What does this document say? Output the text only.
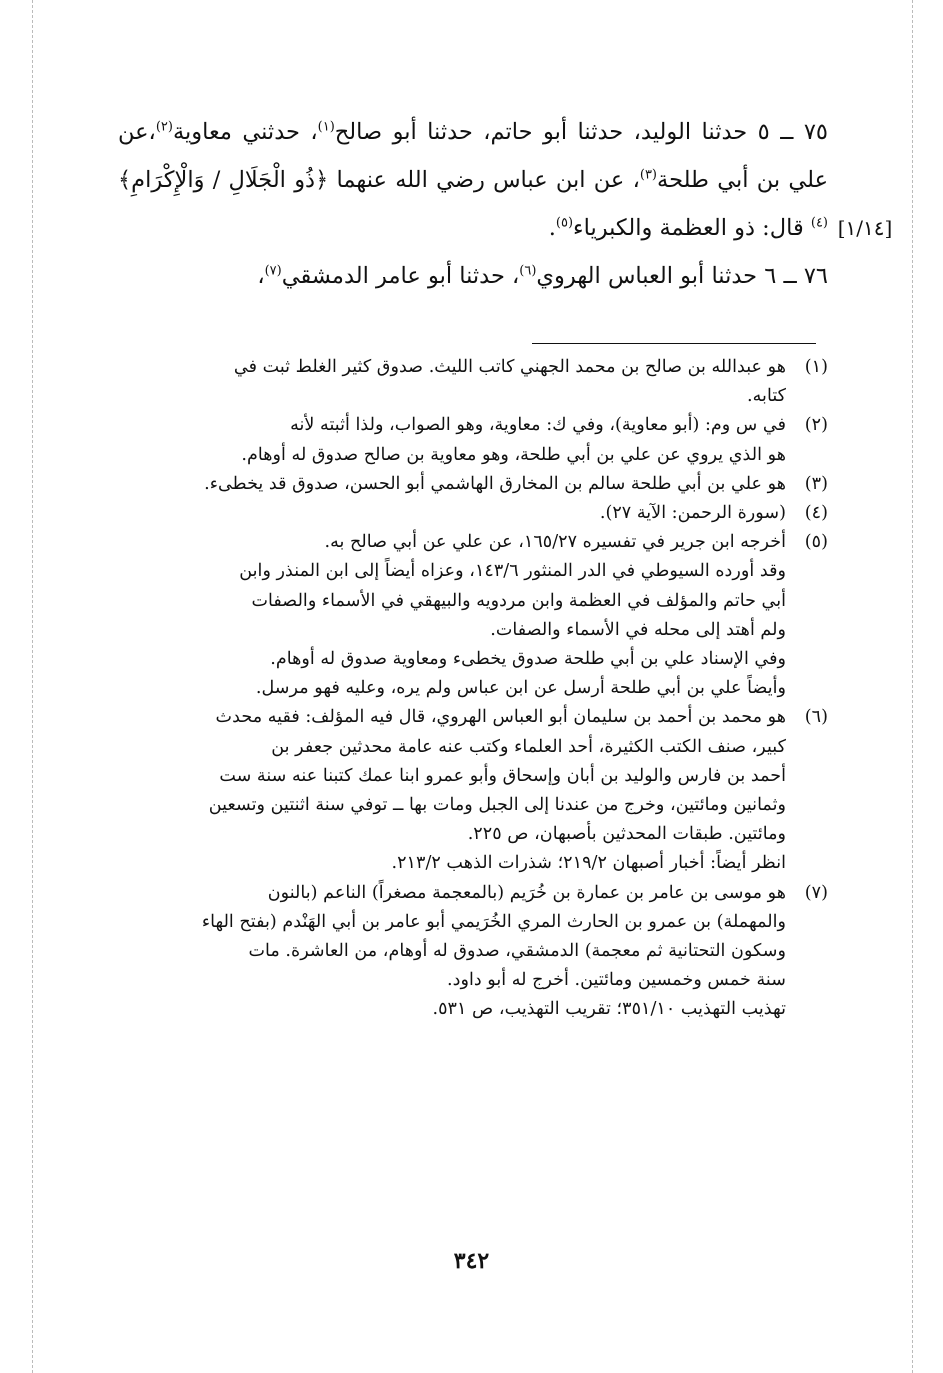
[١/١٤]

٧٥ ــ ٥ حدثنا الوليد، حدثنا أبو حاتم، حدثنا أبو صالح$^{(١)}$، حدثني معاوية$^{(٢)}$،عن علي بن أبي طلحة$^{(٣)}$، عن ابن عباس رضي الله عنهما ﴿ذُو الْجَلَالِ / وَالْإِكْرَامِ﴾$^{(٤)}$ قال: ذو العظمة والكبرياء$^{(٥)}$.

٧٦ ــ ٦ حدثنا أبو العباس الهروي$^{(٦)}$، حدثنا أبو عامر الدمشقي$^{(٧)}$،

(١)
هو عبدالله بن صالح بن محمد الجهني كاتب الليث. صدوق كثير الغلط ثبت في
كتابه.
(٢)
في س وم: (أبو معاوية)، وفي ك: معاوية، وهو الصواب، ولذا أثبته لأنه
هو الذي يروي عن علي بن أبي طلحة، وهو معاوية بن صالح صدوق له أوهام.
(٣)
هو علي بن أبي طلحة سالم بن المخارق الهاشمي أبو الحسن، صدوق قد يخطىء.
(٤)
(سورة الرحمن: الآية ٢٧).
(٥)
أخرجه ابن جرير في تفسيره ١٦٥/٢٧، عن علي عن أبي صالح به.
وقد أورده السيوطي في الدر المنثور ١٤٣/٦، وعزاه أيضاً إلى ابن المنذر وابن
أبي حاتم والمؤلف في العظمة وابن مردويه والبيهقي في الأسماء والصفات
ولم أهتد إلى محله في الأسماء والصفات.
وفي الإسناد علي بن أبي طلحة صدوق يخطىء ومعاوية صدوق له أوهام.
وأيضاً علي بن أبي طلحة أرسل عن ابن عباس ولم يره، وعليه فهو مرسل.
(٦)
هو محمد بن أحمد بن سليمان أبو العباس الهروي، قال فيه المؤلف: فقيه محدث
كبير، صنف الكتب الكثيرة، أحد العلماء وكتب عنه عامة محدثين جعفر بن
أحمد بن فارس والوليد بن أبان وإسحاق وأبو عمرو ابنا عمك كتبنا عنه سنة ست
وثمانين ومائتين، وخرج من عندنا إلى الجبل ومات بها ــ توفي سنة اثنتين وتسعين
ومائتين. طبقات المحدثين بأصبهان، ص ٢٢٥.
انظر أيضاً: أخبار أصبهان ٢١٩/٢؛ شذرات الذهب ٢١٣/٢.
(٧)
هو موسى بن عامر بن عمارة بن خُرَيم (بالمعجمة مصغراً) الناعم (بالنون
والمهملة) بن عمرو بن الحارث المري الخُرَيمي أبو عامر بن أبي الهَنْدم (بفتح الهاء
وسكون التحتانية ثم معجمة) الدمشقي، صدوق له أوهام، من العاشرة. مات
سنة خمس وخمسين ومائتين. أخرج له أبو داود.
تهذيب التهذيب ٣٥١/١٠؛ تقريب التهذيب، ص ٥٣١.
٣٤٢
